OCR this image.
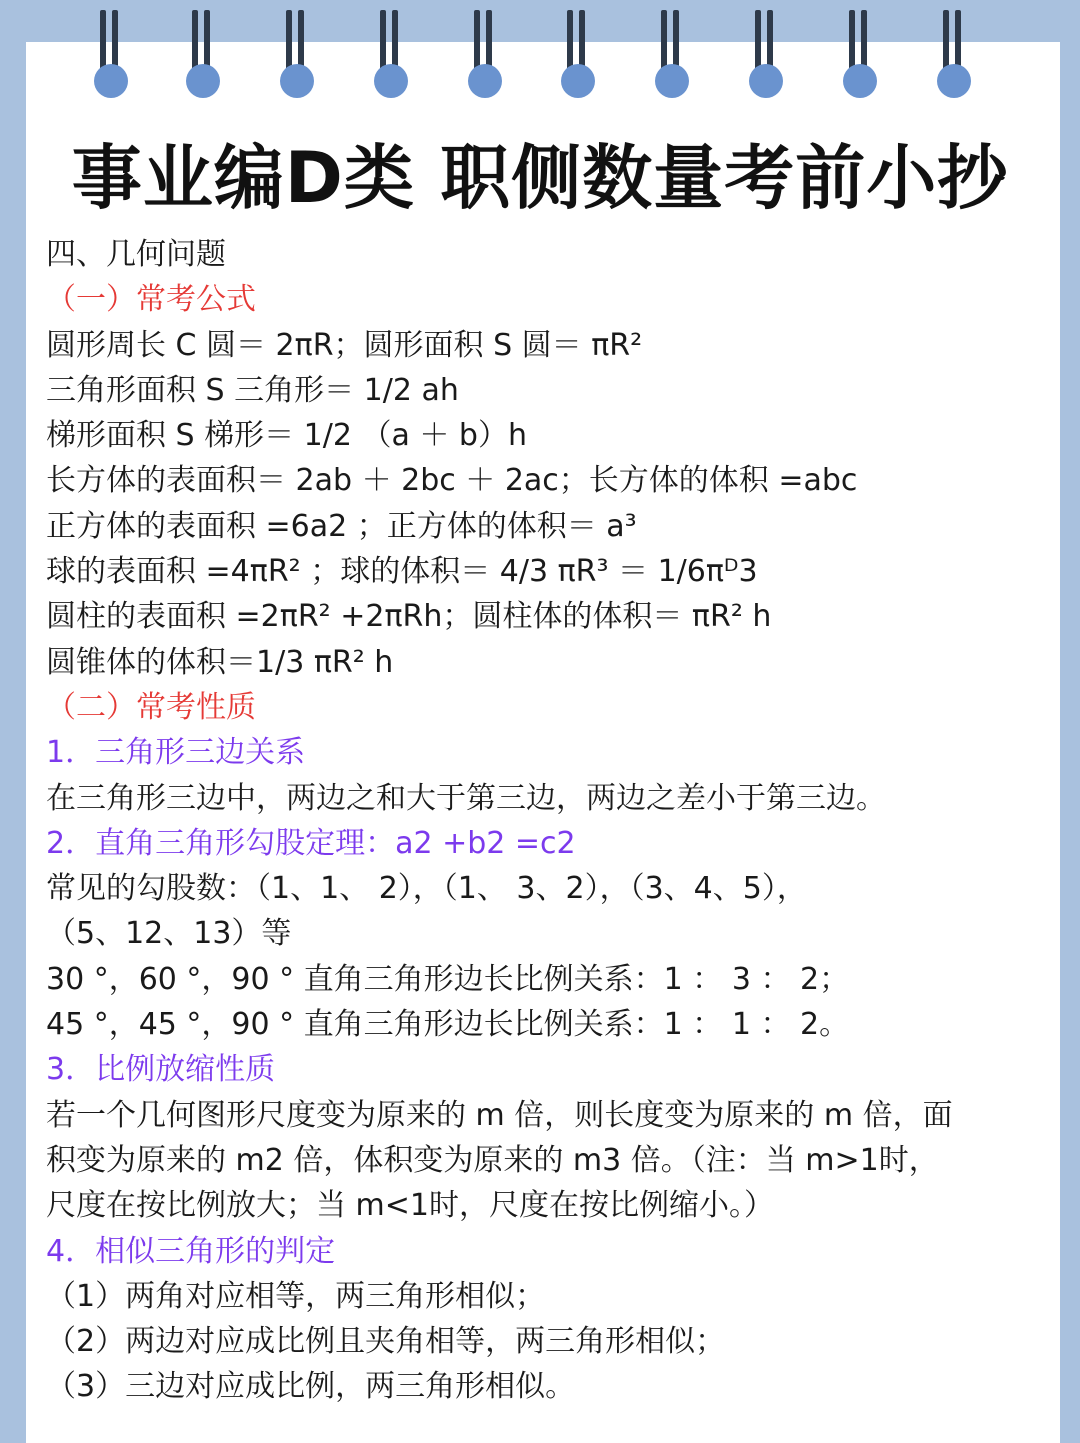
事业编D类 职侧数量考前小抄
四、几何问题
（一）常考公式
圆形周长 C 圆＝ 2πR；圆形面积 S 圆＝ πR²
三角形面积 S 三角形＝ 1/2 ah
梯形面积 S 梯形＝ 1/2 （a ＋ b）h
长方体的表面积＝ 2ab ＋ 2bc ＋ 2ac；长方体的体积 =abc
正方体的表面积 =6a2 ；正方体的体积＝ a³
球的表面积 =4πR² ；球的体积＝ 4/3 πR³ ＝ 1/6πᴰ3
圆柱的表面积 =2πR² +2πRh；圆柱体的体积＝ πR² h
圆锥体的体积＝1/3 πR² h
（二）常考性质
1．三角形三边关系
在三角形三边中，两边之和大于第三边，两边之差小于第三边。
2．直角三角形勾股定理：a2 +b2 =c2
常见的勾股数：（1、1、 2），（1、 3、2），（3、4、5），
（5、12、13）等
30 °，60 °，90 ° 直角三角形边长比例关系：1 ： 3 ： 2；
45 °，45 °，90 ° 直角三角形边长比例关系：1 ： 1 ： 2。
3．比例放缩性质
若一个几何图形尺度变为原来的 m 倍，则长度变为原来的 m 倍，面
积变为原来的 m2 倍，体积变为原来的 m3 倍。（注：当 m>1时，
尺度在按比例放大；当 m<1时，尺度在按比例缩小。）
4．相似三角形的判定
（1）两角对应相等，两三角形相似；
（2）两边对应成比例且夹角相等，两三角形相似；
（3）三边对应成比例，两三角形相似。
